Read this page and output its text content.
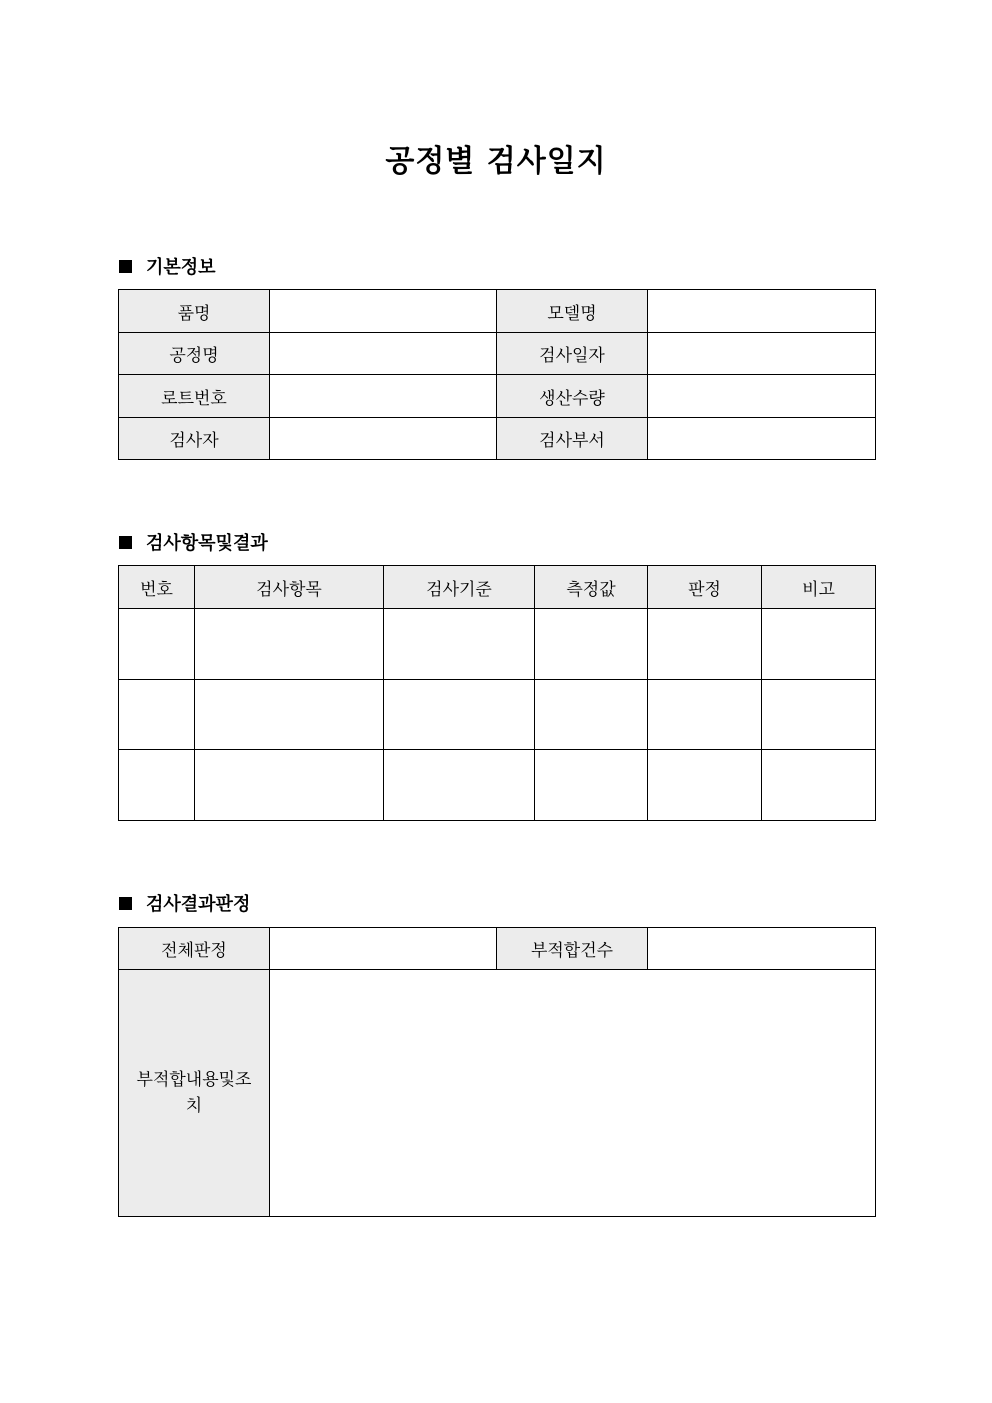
공정별 검사일지
기본정보
품명		모델명	
공정명		검사일자	
로트번호		생산수량	
검사자		검사부서	
검사항목및결과
번호	검사항목	검사기준	측정값	판정	비고

검사결과판정
전체판정		부적합건수	
부적합내용및조
치			
